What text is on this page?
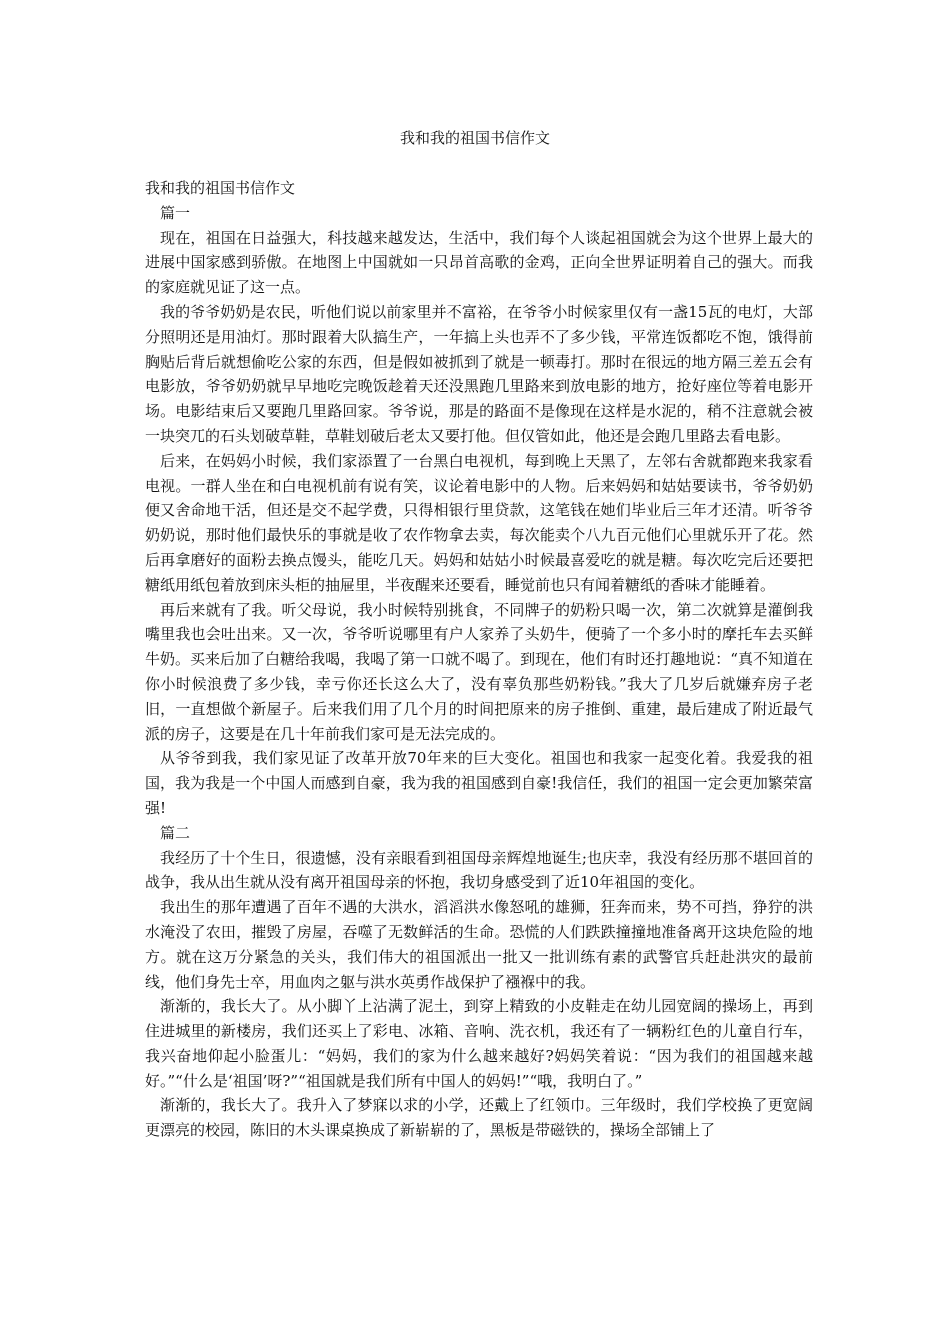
我和我的祖国书信作文

我和我的祖国书信作文

篇一

现在，祖国在日益强大，科技越来越发达，生活中，我们每个人谈起祖国就会为这个世界上最大的进展中国家感到骄傲。在地图上中国就如一只昂首高歌的金鸡，正向全世界证明着自己的强大。而我的家庭就见证了这一点。

我的爷爷奶奶是农民，听他们说以前家里并不富裕，在爷爷小时候家里仅有一盏15瓦的电灯，大部分照明还是用油灯。那时跟着大队搞生产，一年搞上头也弄不了多少钱，平常连饭都吃不饱，饿得前胸贴后背后就想偷吃公家的东西，但是假如被抓到了就是一顿毒打。那时在很远的地方隔三差五会有电影放，爷爷奶奶就早早地吃完晚饭趁着天还没黑跑几里路来到放电影的地方，抢好座位等着电影开场。电影结束后又要跑几里路回家。爷爷说，那是的路面不是像现在这样是水泥的，稍不注意就会被一块突兀的石头划破草鞋，草鞋划破后老太又要打他。但仅管如此，他还是会跑几里路去看电影。

后来，在妈妈小时候，我们家添置了一台黑白电视机，每到晚上天黑了，左邻右舍就都跑来我家看电视。一群人坐在和白电视机前有说有笑，议论着电影中的人物。后来妈妈和姑姑要读书，爷爷奶奶便又舍命地干活，但还是交不起学费，只得相银行里贷款，这笔钱在她们毕业后三年才还清。听爷爷奶奶说，那时他们最快乐的事就是收了农作物拿去卖，每次能卖个八九百元他们心里就乐开了花。然后再拿磨好的面粉去换点馒头，能吃几天。妈妈和姑姑小时候最喜爱吃的就是糖。每次吃完后还要把糖纸用纸包着放到床头柜的抽屉里，半夜醒来还要看，睡觉前也只有闻着糖纸的香味才能睡着。

再后来就有了我。听父母说，我小时候特别挑食，不同牌子的奶粉只喝一次，第二次就算是灌倒我嘴里我也会吐出来。又一次，爷爷听说哪里有户人家养了头奶牛，便骑了一个多小时的摩托车去买鲜牛奶。买来后加了白糖给我喝，我喝了第一口就不喝了。到现在，他们有时还打趣地说：“真不知道在你小时候浪费了多少钱，幸亏你还长这么大了，没有辜负那些奶粉钱。”我大了几岁后就嫌弃房子老旧，一直想做个新屋子。后来我们用了几个月的时间把原来的房子推倒、重建，最后建成了附近最气派的房子，这要是在几十年前我们家可是无法完成的。

从爷爷到我，我们家见证了改革开放70年来的巨大变化。祖国也和我家一起变化着。我爱我的祖国，我为我是一个中国人而感到自豪，我为我的祖国感到自豪!我信任，我们的祖国一定会更加繁荣富强!

篇二

我经历了十个生日，很遗憾，没有亲眼看到祖国母亲辉煌地诞生;也庆幸，我没有经历那不堪回首的战争，我从出生就从没有离开祖国母亲的怀抱，我切身感受到了近10年祖国的变化。

我出生的那年遭遇了百年不遇的大洪水，滔滔洪水像怒吼的雄狮，狂奔而来，势不可挡，狰狞的洪水淹没了农田，摧毁了房屋，吞噬了无数鲜活的生命。恐慌的人们跌跌撞撞地准备离开这块危险的地方。就在这万分紧急的关头，我们伟大的祖国派出一批又一批训练有素的武警官兵赶赴洪灾的最前线，他们身先士卒，用血肉之躯与洪水英勇作战保护了襁褓中的我。

渐渐的，我长大了。从小脚丫上沾满了泥土，到穿上精致的小皮鞋走在幼儿园宽阔的操场上，再到住进城里的新楼房，我们还买上了彩电、冰箱、音响、洗衣机，我还有了一辆粉红色的儿童自行车，我兴奋地仰起小脸蛋儿：“妈妈，我们的家为什么越来越好?妈妈笑着说：“因为我们的祖国越来越好。”“什么是‘祖国’呀?”“祖国就是我们所有中国人的妈妈!”“哦，我明白了。”

渐渐的，我长大了。我升入了梦寐以求的小学，还戴上了红领巾。三年级时，我们学校换了更宽阔更漂亮的校园，陈旧的木头课桌换成了新崭崭的了，黑板是带磁铁的，操场全部铺上了
